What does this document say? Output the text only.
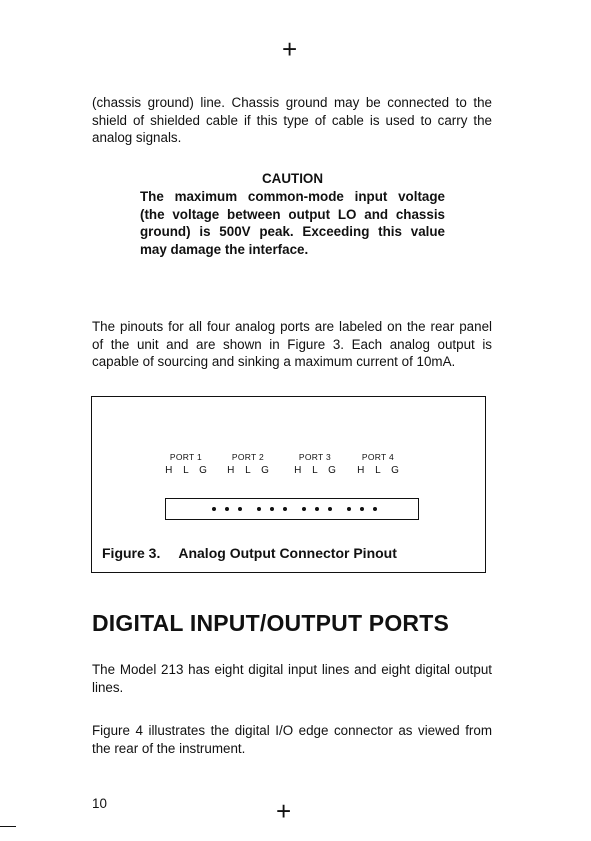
+

(chassis ground) line. Chassis ground may be connected to the shield of shielded cable if this type of cable is used to carry the analog signals.

CAUTION

The maximum common-mode input voltage (the voltage between output LO and chassis ground) is 500V peak. Exceeding this value may damage the interface.

The pinouts for all four analog ports are labeled on the rear panel of the unit and are shown in Figure 3. Each analog output is capable of sourcing and sinking a maximum current of 10mA.

PORT 1	PORT 2	PORT 3	PORT 4
H L G	H L G	H L G	H L G
Figure 3. Analog Output Connector Pinout
DIGITAL INPUT/OUTPUT PORTS

The Model 213 has eight digital input lines and eight digital output lines.

Figure 4 illustrates the digital I/O edge connector as viewed from the rear of the instrument.

10	+
